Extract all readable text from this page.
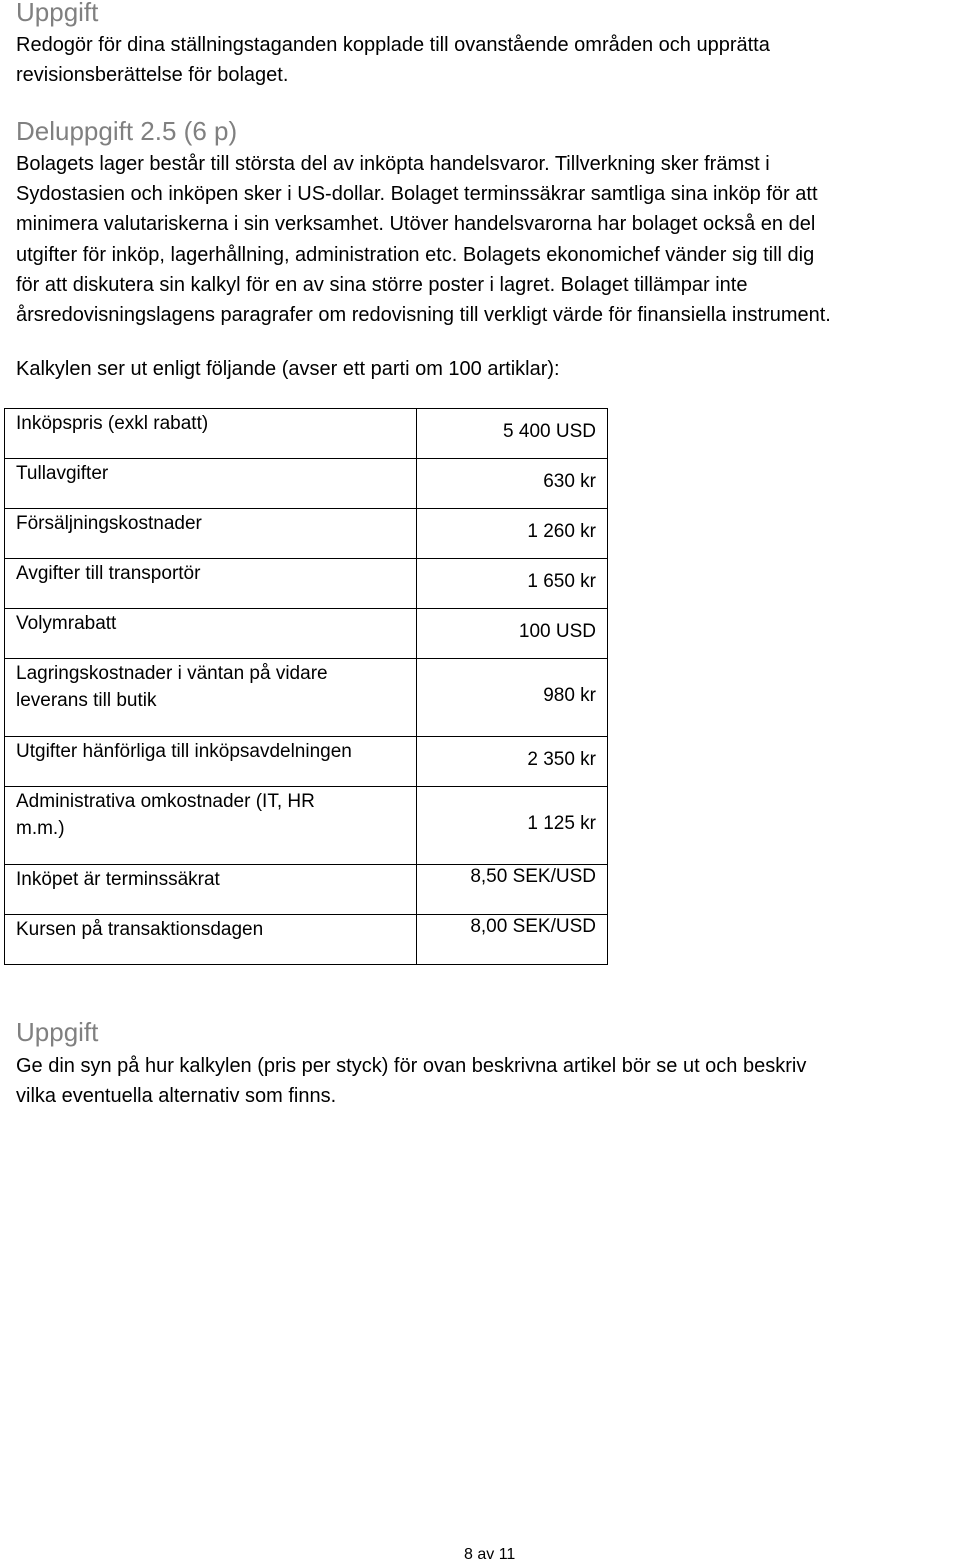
Uppgift
Redogör för dina ställningstaganden kopplade till ovanstående områden och upprätta
revisionsberättelse för bolaget.
Deluppgift 2.5 (6 p)
Bolagets lager består till största del av inköpta handelsvaror. Tillverkning sker främst i
Sydostasien och inköpen sker i US-dollar. Bolaget terminssäkrar samtliga sina inköp för att
minimera valutariskerna i sin verksamhet. Utöver handelsvarorna har bolaget också en del
utgifter för inköp, lagerhållning, administration etc. Bolagets ekonomichef vänder sig till dig
för att diskutera sin kalkyl för en av sina större poster i lagret. Bolaget tillämpar inte
årsredovisningslagens paragrafer om redovisning till verkligt värde för finansiella instrument.
Kalkylen ser ut enligt följande (avser ett parti om 100 artiklar):
Inköpspris (exkl rabatt)	5 400 USD

Tullavgifter	630 kr

Försäljningskostnader	1 260 kr

Avgifter till transportör	1 650 kr

Volymrabatt	100 USD

Lagringskostnader i väntan på vidare
leverans till butik	980 kr

Utgifter hänförliga till inköpsavdelningen	2 350 kr

Administrativa omkostnader (IT, HR
m.m.)	1 125 kr

Inköpet är terminssäkrat	8,50 SEK/USD

Kursen på transaktionsdagen	8,00 SEK/USD
Uppgift
Ge din syn på hur kalkylen (pris per styck) för ovan beskrivna artikel bör se ut och beskriv
vilka eventuella alternativ som finns.
8 av 11
